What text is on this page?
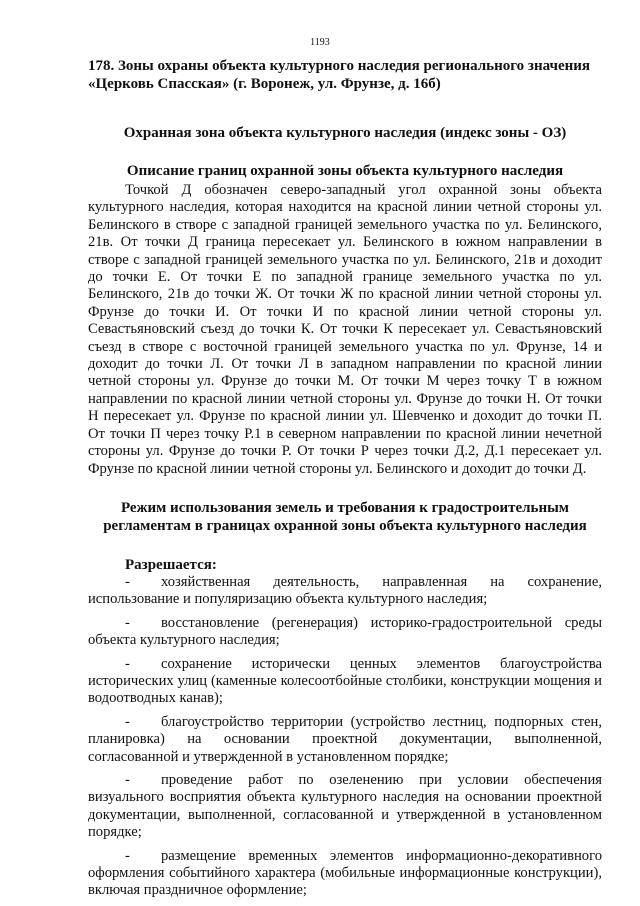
1193
178. Зоны охраны объекта культурного наследия регионального значения
«Церковь Спасская» (г. Воронеж, ул. Фрунзе, д. 16б)
Охранная зона объекта культурного наследия (индекс зоны - ОЗ)
Описание границ охранной зоны объекта культурного наследия

Точкой Д обозначен северо-западный угол охранной зоны объекта культурного наследия, которая находится на красной линии четной стороны ул. Белинского в створе с западной границей земельного участка по ул. Белинского, 21в. От точки Д граница пересекает ул. Белинского в южном направлении в створе с западной границей земельного участка по ул. Белинского, 21в и доходит до точки Е. От точки Е по западной границе земельного участка по ул. Белинского, 21в до точки Ж. От точки Ж по красной линии четной стороны ул. Фрунзе до точки И. От точки И по красной линии четной стороны ул. Севастьяновский съезд до точки К. От точки К пересекает ул. Севастьяновский съезд в створе с восточной границей земельного участка по ул. Фрунзе, 14 и доходит до точки Л. От точки Л в западном направлении по красной линии четной стороны ул. Фрунзе до точки М. От точки М через точку Т в южном направлении по красной линии четной стороны ул. Фрунзе до точки Н. От точки Н пересекает ул. Фрунзе по красной линии ул. Шевченко и доходит до точки П. От точки П через точку Р.1 в северном направлении по красной линии нечетной стороны ул. Фрунзе до точки Р. От точки Р через точки Д.2, Д.1 пересекает ул. Фрунзе по красной линии четной стороны ул. Белинского и доходит до точки Д.

Режим использования земель и требования к градостроительным
регламентам в границах охранной зоны объекта культурного наследия
Разрешается:
- хозяйственная деятельность, направленная на сохранение, использование и популяризацию объекта культурного наследия;
- восстановление (регенерация) историко-градостроительной среды объекта культурного наследия;
- сохранение исторически ценных элементов благоустройства исторических улиц (каменные колесоотбойные столбики, конструкции мощения и водоотводных канав);
- благоустройство территории (устройство лестниц, подпорных стен, планировка) на основании проектной документации, выполненной, согласованной и утвержденной в установленном порядке;
- проведение работ по озеленению при условии обеспечения визуального восприятия объекта культурного наследия на основании проектной документации, выполненной, согласованной и утвержденной в установленном порядке;
- размещение временных элементов информационно-декоративного оформления событийного характера (мобильные информационные конструкции), включая праздничное оформление;
